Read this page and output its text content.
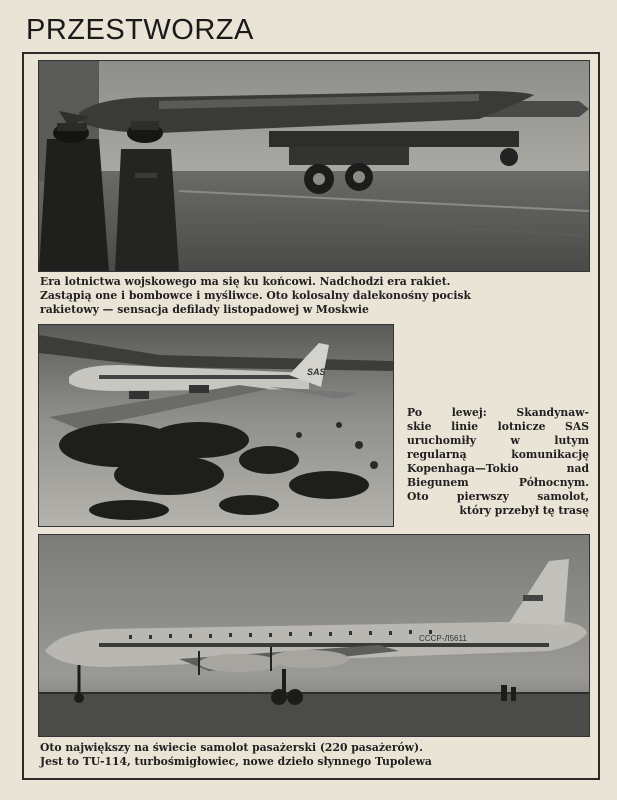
PRZESTWORZA
Era lotnictwa wojskowego ma się ku końcowi. Nadchodzi era rakiet.
Zastąpią one i bombowce i myśliwce. Oto kolosalny dalekonośny pocisk
rakietowy — sensacja defilady listopadowej w Moskwie
SAS
Po lewej: Skandynaw-
skie linie lotnicze SAS
uruchomiły w lutym
regularną komunikację
Kopenhaga—Tokio nad
Biegunem Północnym.
Oto pierwszy samolot,
który przebył tę trasę
СССР-Л5611
Oto największy na świecie samolot pasażerski (220 pasażerów).
Jest to TU-114, turbośmigłowiec, nowe dzieło słynnego Tupolewa
